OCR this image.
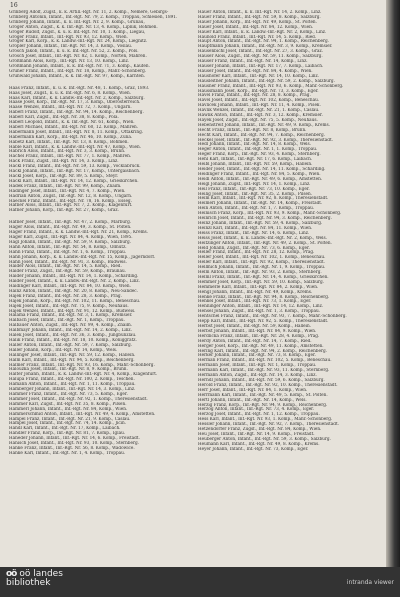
16
Grinberg Adolf, Zugsf., k. k. Artill.-Rgt. Nr. 11, 2. Komp., Nemere, Gebirgs-
Grinberg Antonin, Infant., Inf.-Rgt. Nr. 79, 2. Komp., Troppau, Schlesien, 1891.
Grinberg Johann, Infant., k. k. Inf.-Rgt. Nr. 2, 9. Komp., Grünau,
Gröger Anton, Zugsf., k. k. Inf.-Rgt. Nr. 13, 4. Komp., Lipnik, Böhmen.
Gröger Rudolf, Zugsf., k. u. k. Inf.-Rgt. Nr. 10, 1. Komp., Liegau,
Gröger Franz, Infant., Inf.-Rgt. Nr. 93, 12. Komp., Wien.
Gröger Karl, Korp., k. k. Landw.-Inf.-Rgt. Nr. 24, Komp., Liegnitz.
Gröpler Johann, Infant., Inf.-Rgt. Nr. 14, 3. Komp., Vöslau.
Grosch Jakob, Infant., k. u. k. Inf.-Rgt. Nr. 52, 2. Komp., Pöls.
Grosch Josef, Infant., Inf.-Rgt. Nr. 82, 1. Komp., Nörten, Mähren.
Großmann Alois, Korp., Inf.-Rgt. Nr. 13, 10. Komp., Linz.
Großmann Johann, Infant., k. k. Inf.-Rgt. Nr. 71, 3. Komp., Kaufen.
Grüner Franz, Infant., Inf.-Rgt. Nr. 18, Komp., Mähr.-Schönberg.
Grünwald Johann, Infant., k. k. Inf.-Rgt. Nr. 97, Komp., Kärnten.
Haas Franz, Infant., k. u. k. Inf.-Rgt. Nr. 48, 1. Komp., Graz, 1893.
Haas Josef, Zugsf., k. u. k. Inf.-Rgt. Nr. 6, 8. Komp., Wien.
Haas Karl, Infant., k. k. Landw.-Inf.-Rgt. Nr. 2, Komp., Salzburg.
Haase Josef, Korp., Inf.-Rgt. Nr. 17, 3. Komp., Oberösterreich.
Haase Wenzel, Infant., Inf.-Rgt. Nr. 72, 7. Komp., Ungarn.
Haberl Franz, Infant., Inf.-Rgt. Nr. 94, 14. Komp., Reichenberg.
Haberl Karl, Zugsf., Inf.-Rgt. Nr. 38, 8. Komp., Pola.
Haberl Leopold, Infant., k. k. Inf.-Rgt. Nr. 61, Komp., Wien.
Haberl Michael, Infant., Inf.-Rgt. Nr. 60, 12. Komp., Mähren.
Habermann Josef, Infant., Inf.-Rgt. Nr. 8, 11. Komp., Ottakring.
Habermann Karl, Korp., Inf.-Rgt. Nr. 46, 10. Komp., Zuna.
Habetz Karl, Infant., Inf.-Rgt. Nr. 13, 8. Komp., Böhmen.
Hable Karl, Infant., k. k. Landw.-Inf.-Rgt. Nr. 47, Komp., Wien.
Habrich Alois, Infant., Inf.-Rgt. Nr. 3, 3. Komp., Brünn.
Hachel Franz, Infant., Inf.-Rgt. Nr. 77, 1. Komp., Mähren.
Hack Franz, Zugsf., Inf.-Rgt. Nr. 14, 3. Komp., Linz.
Hackl Franz, Infant., Inf.-Rgt. Nr. 59, 13. Komp., Vöcklabruck.
Hackl Johann, Infant., Inf.-Rgt. Nr. 17, Komp., Untergaisbach.
Hackl Josef, Korp., Inf.-Rgt. Nr. 89, 5. Komp., Steyr.
Hackl Karl, Infant., Inf.-Rgt. Nr. 14, 12. Komp., Grieskirchen.
Hadek Franz, Infant., Inf.-Rgt. Nr. 99, Komp., Znaim.
Hadinger Josef, Infant., Inf.-Rgt. Nr. 4, 7. Komp., Wien.
Hadrian Anton, Zugsf., Inf.-Rgt. Nr. 12, 8. Komp., Ungarn.
Haeckel Franz, Infant., Inf.-Rgt. Nr. 78, 16. Komp., Esseg.
Hafner Alois, Infant., Inf.-Rgt. Nr. 7, 2. Komp., Klagenfurt.
Hafner Johann, Korp., Inf.-Rgt. Nr. 27, Komp., Graz.
Hafner Josef, Infant., Inf.-Rgt. Nr. 47, 2. Komp., Marburg.
Hager Alois, Infant., Inf.-Rgt. Nr. 49, 3. Komp., St. Pölten.
Hager Franz, Infant., k. k. Landw.-Inf.-Rgt. Nr. 21, Komp., Krems.
Hager Karl, Zugsf., Inf.-Rgt. Nr. 84, 4. Komp., Wien, 1895.
Hagl Johann, Infant., Inf.-Rgt. Nr. 59, 9. Komp., Salzburg.
Hahn Anton, Infant., Inf.-Rgt. Nr. 54, 8. Komp., Olmütz.
Hahn Franz, Infant., Inf.-Rgt. Nr. 1, 6. Komp., Troppau.
Hahn Johann, Korp., k. k. Landw.-Inf.-Rgt. Nr. 15, Komp., Jägerndorf.
Hahn Josef, Infant., Inf.-Rgt. Nr. 91, 3. Komp., Budweis.
Haider Alois, Infant., Inf.-Rgt. Nr. 14, 5. Komp., Ried.
Haider Franz, Zugsf., Inf.-Rgt. Nr. 59, Komp., Braunau.
Haider Johann, Infant., Inf.-Rgt. Nr. 14, 1. Komp., Schärding.
Haider Josef, Infant., k. k. Landw.-Inf.-Rgt. Nr. 2, Komp., Linz.
Haidinger Karl, Infant., Inf.-Rgt. Nr. 84, 10. Komp., Wien.
Hainz Anton, Infant., Inf.-Rgt. Nr. 20, 8. Komp., Neu-Sandec.
Hajek Franz, Infant., Inf.-Rgt. Nr. 28, 3. Komp., Prag.
Hajek Johann, Korp., Inf.-Rgt. Nr. 102, 11. Komp., Beneschau.
Hajek Josef, Infant., Inf.-Rgt. Nr. 75, 9. Komp., Neuhaus.
Hajek Wenzel, Infant., Inf.-Rgt. Nr. 91, 12. Komp., Budweis.
Halama Franz, Infant., Inf.-Rgt. Nr. 3, 1. Komp., Kremsier.
Halbach Josef, Infant., Inf.-Rgt. Nr. 1, Komp., Troppau.
Halbauer Anton, Zugsf., Inf.-Rgt. Nr. 99, 4. Komp., Znaim.
Halbmayr Johann, Infant., Inf.-Rgt. Nr. 14, 2. Komp., Linz.
Halek Josef, Infant., Inf.-Rgt. Nr. 36, 3. Komp., Jungbunzlau.
Halik Franz, Infant., Inf.-Rgt. Nr. 18, 10. Komp., Königgrätz.
Haller Anton, Infant., Inf.-Rgt. Nr. 59, 7. Komp., Salzburg.
Haller Johann, Korp., Inf.-Rgt. Nr. 14, Komp., Wels.
Hallinger Josef, Infant., Inf.-Rgt. Nr. 59, 12. Komp., Hallein.
Halm Karl, Infant., Inf.-Rgt. Nr. 94, 5. Komp., Reichenberg.
Halmer Franz, Infant., Inf.-Rgt. Nr. 93, 16. Komp., Mähr.-Schönberg.
Halouzka Josef, Infant., Inf.-Rgt. Nr. 8, 9. Komp., Brünn.
Halter Johann, Infant., k. k. Landw.-Inf.-Rgt. Nr. 4, Komp., Klagenfurt.
Halupa Franz, Infant., Inf.-Rgt. Nr. 100, 2. Komp., Teschen.
Hamann Anton, Infant., Inf.-Rgt. Nr. 1, 11. Komp., Troppau.
Hamberger Johann, Infant., Inf.-Rgt. Nr. 14, 3. Komp., Linz.
Hammer Franz, Infant., Inf.-Rgt. Nr. 73, 5. Komp., Eger.
Hammer Josef, Infant., Inf.-Rgt. Nr. 92, 1. Komp., Theresienstadt.
Hammer Karl, Zugsf., Inf.-Rgt. Nr. 35, 8. Komp., Pilsen.
Hammerl Johann, Infant., Inf.-Rgt. Nr. 84, Komp., Wien.
Hammerschmid Anton, Infant., Inf.-Rgt. Nr. 49, 4. Komp., Amstetten.
Hampel Franz, Infant., Inf.-Rgt. Nr. 21, 9. Komp., Čáslau.
Hampel Josef, Infant., Inf.-Rgt. Nr. 74, 14. Komp., Jičín.
Handl Karl, Infant., Inf.-Rgt. Nr. 17, Komp., Laibach.
Handler Franz, Korp., Inf.-Rgt. Nr. 81, 7. Komp., Iglau.
Haneder Johann, Infant., Inf.-Rgt. Nr. 14, 6. Komp., Freistadt.
Hanisch Josef, Infant., Inf.-Rgt. Nr. 93, 10. Komp., Sternberg.
Hanke Franz, Infant., Inf.-Rgt. Nr. 56, 8. Komp., Wadowice.
Hanke Karl, Infant., Inf.-Rgt. Nr. 1, 4. Komp., Troppau.
Hauer Anton, Infant., k. k. Inf.-Rgt. Nr. 14, 2. Komp., Linz.
Hauer Franz, Infant., Inf.-Rgt. Nr. 59, 8. Komp., Salzburg.
Hauer Johann, Korp., Inf.-Rgt. Nr. 49, Komp., St. Pölten.
Hauer Josef, Infant., Inf.-Rgt. Nr. 84, 12. Komp., Wien.
Hauer Karl, Infant., k. k. Landw.-Inf.-Rgt. Nr. 2, Komp., Linz.
Haunold Franz, Infant., Inf.-Rgt. Nr. 14, 5. Komp., Ried.
Haupt Anton, Infant., Inf.-Rgt. Nr. 94, 1. Komp., Reichenberg.
Hauptmann Johann, Infant., Inf.-Rgt. Nr. 3, 9. Komp., Kremsier.
Hausenbichl Josef, Infant., Inf.-Rgt. Nr. 27, 3. Komp., Graz.
Hauser Alois, Zugsf., Inf.-Rgt. Nr. 59, 11. Komp., Salzburg.
Hauser Franz, Infant., Inf.-Rgt. Nr. 14, Komp., Linz.
Hauser Johann, Infant., Inf.-Rgt. Nr. 17, 7. Komp., Laibach.
Hauser Josef, Infant., Inf.-Rgt. Nr. 84, 4. Komp., Wien.
Haushofer Karl, Infant., Inf.-Rgt. Nr. 14, 10. Komp., Linz.
Hausleitner Johann, Infant., Inf.-Rgt. Nr. 59, 2. Komp., Salzburg.
Hausner Franz, Infant., Inf.-Rgt. Nr. 93, 6. Komp., Mähr.-Schönberg.
Haussmann Josef, Korp., Inf.-Rgt. Nr. 73, 3. Komp., Eger.
Havel Franz, Infant., Inf.-Rgt. Nr. 28, 8. Komp., Prag.
Havel Josef, Infant., Inf.-Rgt. Nr. 102, Komp., Beneschau.
Havlicek Johann, Infant., Inf.-Rgt. Nr. 11, 4. Komp., Pisek.
Havlik Wenzel, Infant., Inf.-Rgt. Nr. 21, 1. Komp., Čáslau.
Hawlik Anton, Infant., Inf.-Rgt. Nr. 3, 12. Komp., Kremsier.
Hayek Josef, Zugsf., Inf.-Rgt. Nr. 75, 5. Komp., Neuhaus.
Hebenstreit Johann, Infant., Inf.-Rgt. Nr. 49, 9. Komp., Krems.
Hecht Franz, Infant., Inf.-Rgt. Nr. 8, Komp., Brünn.
Hecht Karl, Infant., Inf.-Rgt. Nr. 94, 7. Komp., Reichenberg.
Heckel Josef, Infant., Inf.-Rgt. Nr. 92, 3. Komp., Theresienstadt.
Hedl Johann, Infant., Inf.-Rgt. Nr. 14, 8. Komp., Wels.
Heger Anton, Infant., Inf.-Rgt. Nr. 1, 1. Komp., Troppau.
Heger Franz, Korp., Inf.-Rgt. Nr. 93, 4. Komp., Sternberg.
Hehl Karl, Infant., Inf.-Rgt. Nr. 17, 6. Komp., Laibach.
Heibl Johann, Infant., Inf.-Rgt. Nr. 59, Komp., Hallein.
Heider Josef, Infant., Inf.-Rgt. Nr. 14, 11. Komp., Schärding.
Heidinger Franz, Infant., Inf.-Rgt. Nr. 84, 5. Komp., Wien.
Heidl Anton, Infant., Inf.-Rgt. Nr. 49, 6. Komp., Amstetten.
Heigl Johann, Zugsf., Inf.-Rgt. Nr. 14, 1. Komp., Linz.
Heil Franz, Infant., Inf.-Rgt. Nr. 73, 10. Komp., Eger.
Heilig Josef, Infant., Inf.-Rgt. Nr. 35, 2. Komp., Pilsen.
Heim Karl, Infant., Inf.-Rgt. Nr. 92, 8. Komp., Theresienstadt.
Heimerl Johann, Infant., Inf.-Rgt. Nr. 14, Komp., Freistadt.
Hein Anton, Infant., Inf.-Rgt. Nr. 1, 7. Komp., Troppau.
Heinisch Franz, Korp., Inf.-Rgt. Nr. 93, 9. Komp., Mähr.-Schönberg.
Heinrich Josef, Infant., Inf.-Rgt. Nr. 94, 3. Komp., Reichenberg.
Heinz Johann, Infant., Inf.-Rgt. Nr. 59, 4. Komp., Salzburg.
Heinzl Karl, Infant., Inf.-Rgt. Nr. 84, 11. Komp., Wien.
Heiss Franz, Infant., Inf.-Rgt. Nr. 14, 6. Komp., Linz.
Heiss Josef, Infant., k. k. Landw.-Inf.-Rgt. Nr. 2, Komp., Wels.
Heitzinger Anton, Infant., Inf.-Rgt. Nr. 49, 2. Komp., St. Pölten.
Held Johann, Zugsf., Inf.-Rgt. Nr. 73, 6. Komp., Eger.
Heller Franz, Infant., Inf.-Rgt. Nr. 28, 12. Komp., Prag.
Heller Josef, Infant., Inf.-Rgt. Nr. 102, 1. Komp., Beneschau.
Heller Karl, Infant., Inf.-Rgt. Nr. 92, Komp., Theresienstadt.
Hellmich Johann, Infant., Inf.-Rgt. Nr. 1, 9. Komp., Troppau.
Helm Anton, Infant., Inf.-Rgt. Nr. 93, 2. Komp., Sternberg.
Helml Franz, Infant., Inf.-Rgt. Nr. 14, 4. Komp., Grieskirchen.
Hemmer Josef, Korp., Inf.-Rgt. Nr. 59, 10. Komp., Salzburg.
Hemmerle Karl, Infant., Inf.-Rgt. Nr. 84, 2. Komp., Wien.
Hengl Johann, Infant., Inf.-Rgt. Nr. 49, Komp., Krems.
Henke Franz, Infant., Inf.-Rgt. Nr. 94, 8. Komp., Reichenberg.
Henkel Josef, Infant., Inf.-Rgt. Nr. 73, 1. Komp., Eger.
Henninger Anton, Infant., Inf.-Rgt. Nr. 14, 12. Komp., Linz.
Hensel Johann, Zugsf., Inf.-Rgt. Nr. 1, 3. Komp., Troppau.
Hentschel Franz, Infant., Inf.-Rgt. Nr. 93, 7. Komp., Mähr.-Schönberg.
Hepp Karl, Infant., Inf.-Rgt. Nr. 92, 5. Komp., Theresienstadt.
Herbst Josef, Infant., Inf.-Rgt. Nr. 59, Komp., Hallein.
Herbst Johann, Infant., Inf.-Rgt. Nr. 84, 9. Komp., Wien.
Herdlicka Franz, Infant., Inf.-Rgt. Nr. 28, 4. Komp., Prag.
Herdy Anton, Infant., Inf.-Rgt. Nr. 14, 7. Komp., Ried.
Herger Josef, Korp., Inf.-Rgt. Nr. 49, 11. Komp., Amstetten.
Hering Karl, Infant., Inf.-Rgt. Nr. 94, 2. Komp., Reichenberg.
Herker Johann, Infant., Inf.-Rgt. Nr. 73, 8. Komp., Eger.
Herman Franz, Infant., Inf.-Rgt. Nr. 102, 5. Komp., Beneschau.
Hermann Josef, Infant., Inf.-Rgt. Nr. 1, Komp., Troppau.
Hermann Karl, Infant., Inf.-Rgt. Nr. 93, 11. Komp., Sternberg.
Hermann Anton, Zugsf., Inf.-Rgt. Nr. 14, 3. Komp., Linz.
Herndl Johann, Infant., Inf.-Rgt. Nr. 59, 6. Komp., Salzburg.
Herold Franz, Infant., Inf.-Rgt. Nr. 92, 10. Komp., Theresienstadt.
Herr Josef, Infant., Inf.-Rgt. Nr. 84, 1. Komp., Wien.
Herrmann Karl, Infant., Inf.-Rgt. Nr. 49, 5. Komp., St. Pölten.
Hertl Johann, Infant., Inf.-Rgt. Nr. 14, Komp., Wels.
Herzig Franz, Korp., Inf.-Rgt. Nr. 94, 9. Komp., Reichenberg.
Herzog Anton, Infant., Inf.-Rgt. Nr. 73, 4. Komp., Eger.
Herzog Josef, Infant., Inf.-Rgt. Nr. 1, 12. Komp., Troppau.
Hess Karl, Infant., Inf.-Rgt. Nr. 93, 1. Komp., Mähr.-Schönberg.
Hessler Johann, Infant., Inf.-Rgt. Nr. 92, 7. Komp., Theresienstadt.
Hetzendorfer Franz, Zugsf., Inf.-Rgt. Nr. 84, Komp., Wien.
Heu Josef, Infant., Inf.-Rgt. Nr. 14, 9. Komp., Freistadt.
Heuberger Anton, Infant., Inf.-Rgt. Nr. 59, 3. Komp., Salzburg.
Heumann Karl, Infant., Inf.-Rgt. Nr. 49, 8. Komp., Krems.
Heyer Johann, Infant., Inf.-Rgt. Nr. 73, Komp., Eger.
oö oö landes
bibliothek	intranda viewer
